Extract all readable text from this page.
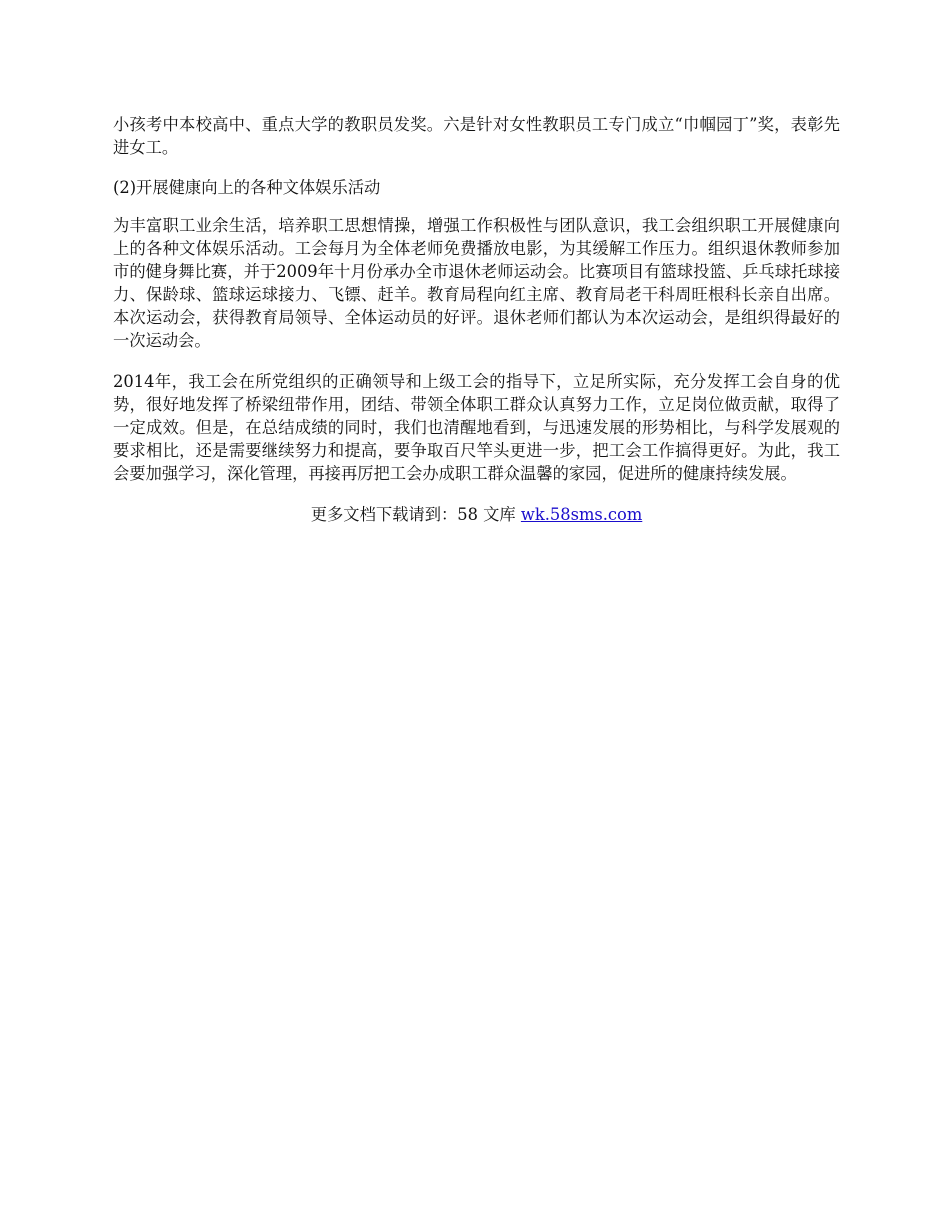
小孩考中本校高中、重点大学的教职员发奖。六是针对女性教职员工专门成立“巾帼园丁”奖，表彰先进女工。

(2)开展健康向上的各种文体娱乐活动

为丰富职工业余生活，培养职工思想情操，增强工作积极性与团队意识，我工会组织职工开展健康向上的各种文体娱乐活动。工会每月为全体老师免费播放电影，为其缓解工作压力。组织退休教师参加市的健身舞比赛，并于2009年十月份承办全市退休老师运动会。比赛项目有篮球投篮、乒乓球托球接力、保龄球、篮球运球接力、飞镖、赶羊。教育局程向红主席、教育局老干科周旺根科长亲自出席。本次运动会，获得教育局领导、全体运动员的好评。退休老师们都认为本次运动会，是组织得最好的一次运动会。

2014年，我工会在所党组织的正确领导和上级工会的指导下，立足所实际，充分发挥工会自身的优势，很好地发挥了桥梁纽带作用，团结、带领全体职工群众认真努力工作，立足岗位做贡献，取得了一定成效。但是，在总结成绩的同时，我们也清醒地看到，与迅速发展的形势相比，与科学发展观的要求相比，还是需要继续努力和提高，要争取百尺竿头更进一步，把工会工作搞得更好。为此，我工会要加强学习，深化管理，再接再厉把工会办成职工群众温馨的家园，促进所的健康持续发展。

更多文档下载请到：58 文库 wk.58sms.com
